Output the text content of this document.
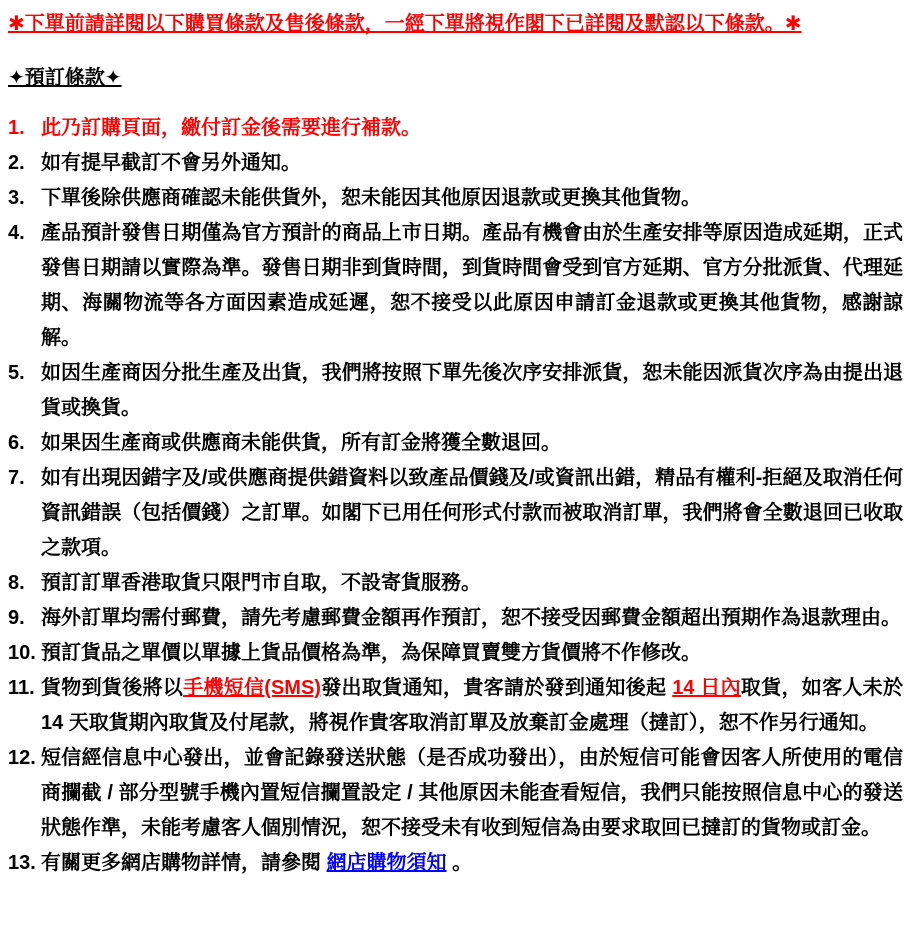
✱下單前請詳閱以下購買條款及售後條款，一經下單將視作閣下已詳閱及默認以下條款。✱
✦預訂條款✦
1. 此乃訂購頁面，繳付訂金後需要進行補款。
2. 如有提早截訂不會另外通知。
3. 下單後除供應商確認未能供貨外，恕未能因其他原因退款或更換其他貨物。
4. 產品預計發售日期僅為官方預計的商品上市日期。產品有機會由於生產安排等原因造成延期，正式發售日期請以實際為準。發售日期非到貨時間，到貨時間會受到官方延期、官方分批派貨、代理延期、海關物流等各方面因素造成延遲，恕不接受以此原因申請訂金退款或更換其他貨物，感謝諒解。
5. 如因生產商因分批生產及出貨，我們將按照下單先後次序安排派貨，恕未能因派貨次序為由提出退貨或換貨。
6. 如果因生產商或供應商未能供貨，所有訂金將獲全數退回。
7. 如有出現因錯字及/或供應商提供錯資料以致產品價錢及/或資訊出錯，精品有權利-拒絕及取消任何資訊錯誤（包括價錢）之訂單。如閣下已用任何形式付款而被取消訂單，我們將會全數退回已收取之款項。
8. 預訂訂單香港取貨只限門市自取，不設寄貨服務。
9. 海外訂單均需付郵費，請先考慮郵費金額再作預訂，恕不接受因郵費金額超出預期作為退款理由。
10. 預訂貨品之單價以單據上貨品價格為準，為保障買賣雙方貨價將不作修改。
11. 貨物到貨後將以手機短信(SMS)發出取貨通知，貴客請於發到通知後起 14 日內取貨，如客人未於 14 天取貨期內取貨及付尾款，將視作貴客取消訂單及放棄訂金處理（撻訂），恕不作另行通知。
12. 短信經信息中心發出，並會記錄發送狀態（是否成功發出），由於短信可能會因客人所使用的電信商攔截 / 部分型號手機內置短信攔置設定 / 其他原因未能查看短信，我們只能按照信息中心的發送狀態作準，未能考慮客人個別情況，恕不接受未有收到短信為由要求取回已撻訂的貨物或訂金。
13. 有關更多網店購物詳情，請參閱 網店購物須知 。
